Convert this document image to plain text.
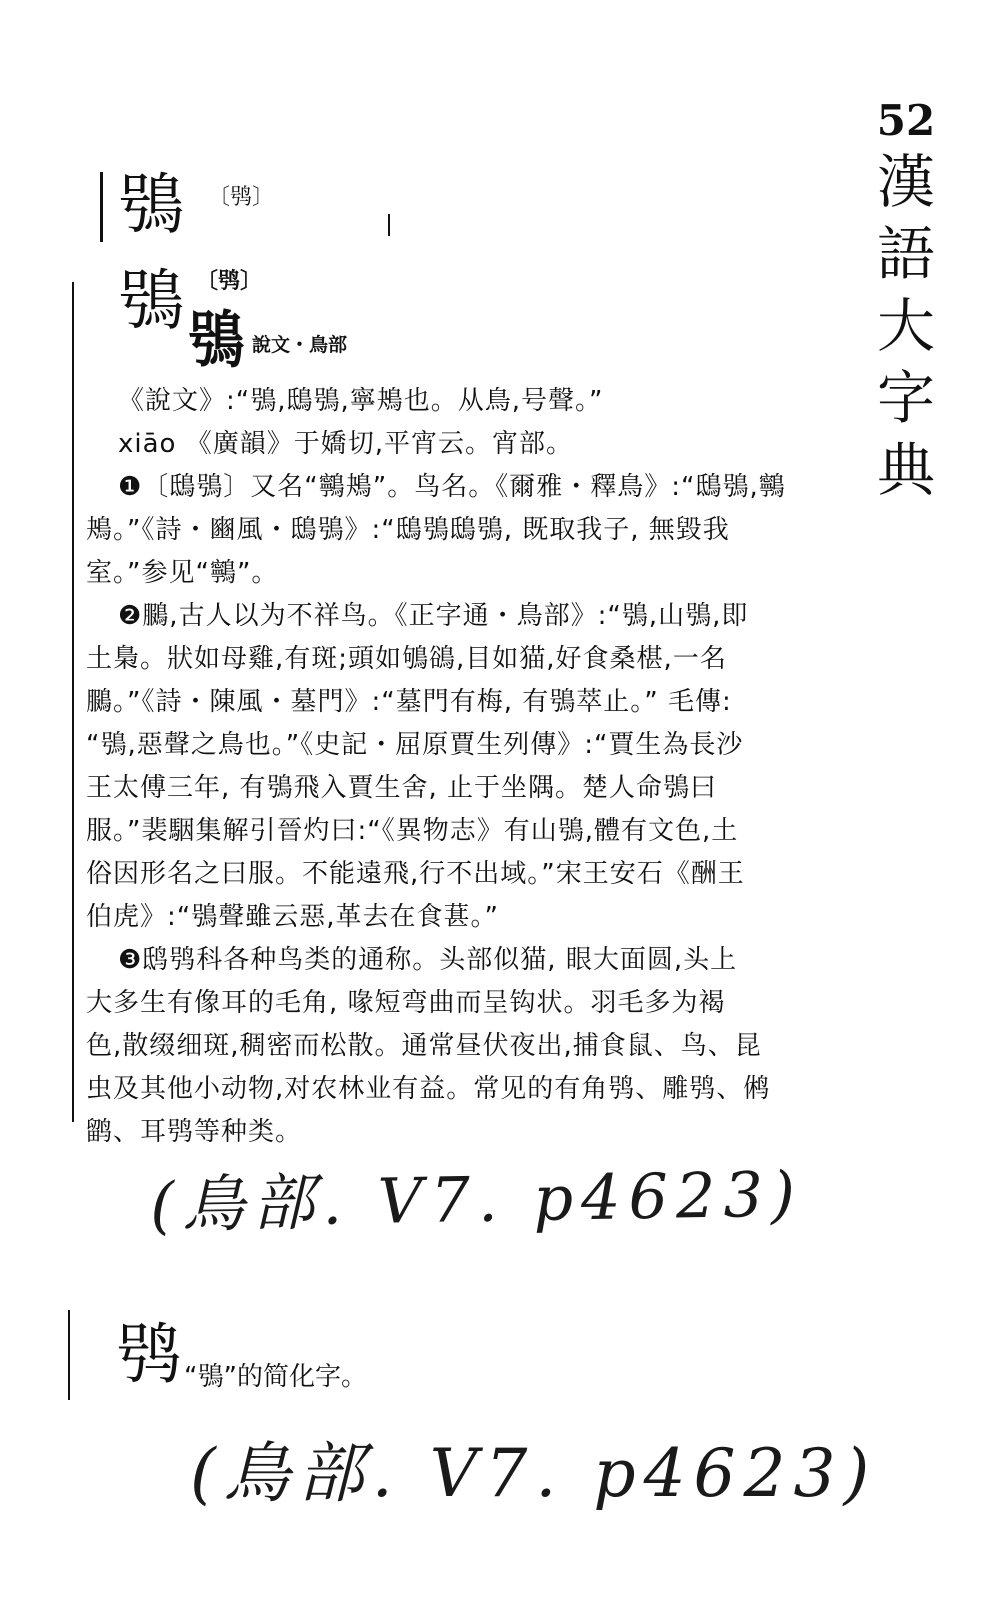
52
漢
語
大
字
典
鴞 〔鸮〕
鴞 〔鸮〕
鴞 說文・鳥部
《說文》:“鴞,鴟鴞,寧鴂也。从鳥,号聲。”
xiāo 《廣韻》于嬌切,平宵云。宵部。
❶〔鴟鴞〕又名“鸋鴂”。鸟名。《爾雅・釋鳥》:“鴟鴞,鸋
鴂。”《詩・豳風・鴟鴞》:“鴟鴞鴟鴞, 既取我子, 無毀我
室。”参见“鸋”。
❷鵩,古人以为不祥鸟。《正字通・鳥部》:“鴞,山鴞,即
土梟。狀如母雞,有斑;頭如鴝鵒,目如猫,好食桑椹,一名
鵩。”《詩・陳風・墓門》:“墓門有梅, 有鴞萃止。” 毛傳:
“鴞,惡聲之鳥也。”《史記・屈原賈生列傳》:“賈生為長沙
王太傅三年, 有鴞飛入賈生舍, 止于坐隅。楚人命鴞曰
服。”裴駰集解引晉灼曰:“《異物志》有山鴞,體有文色,土
俗因形名之曰服。不能遠飛,行不出域。”宋王安石《酬王
伯虎》:“鴞聲雖云惡,革去在食葚。”
❸鸱鸮科各种鸟类的通称。头部似猫, 眼大面圆,头上
大多生有像耳的毛角, 喙短弯曲而呈钩状。羽毛多为褐
色,散缀细斑,稠密而松散。通常昼伏夜出,捕食鼠、鸟、昆
虫及其他小动物,对农林业有益。常见的有角鸮、雕鸮、鸺
鹠、耳鸮等种类。
(鳥部. V7. p4623)
鸮 “鴞”的简化字。
(鳥部. V7. p4623)
